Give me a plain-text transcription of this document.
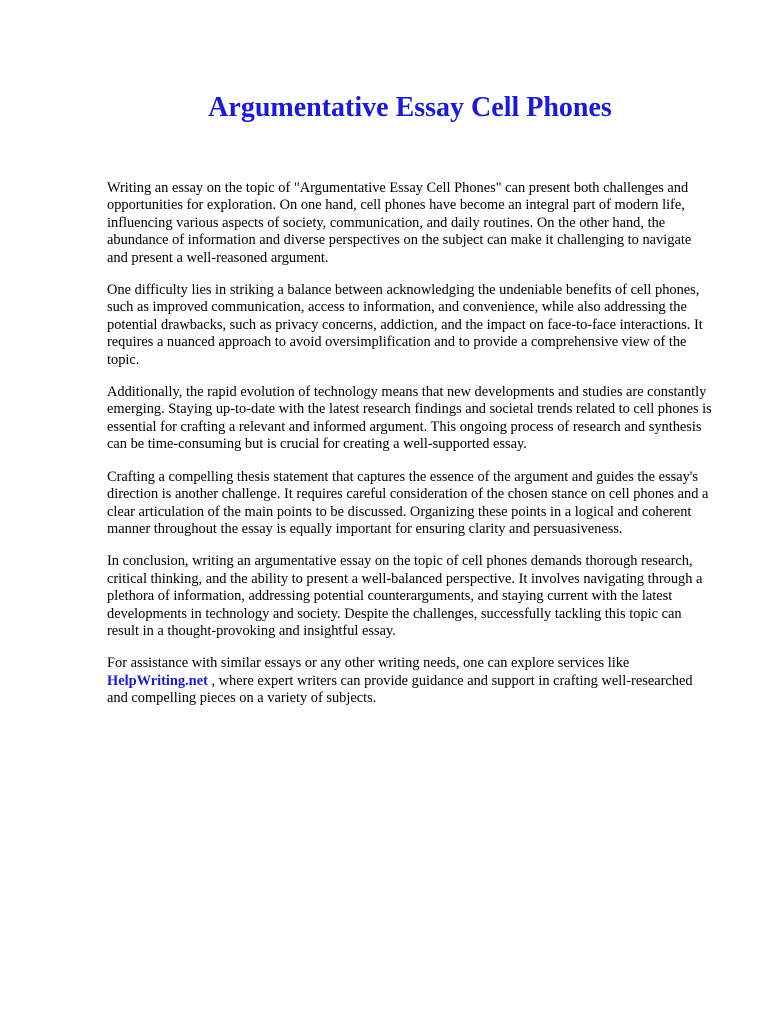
Argumentative Essay Cell Phones

Writing an essay on the topic of "Argumentative Essay Cell Phones" can present both challenges and opportunities for exploration. On one hand, cell phones have become an integral part of modern life, influencing various aspects of society, communication, and daily routines. On the other hand, the abundance of information and diverse perspectives on the subject can make it challenging to navigate and present a well-reasoned argument.

One difficulty lies in striking a balance between acknowledging the undeniable benefits of cell phones, such as improved communication, access to information, and convenience, while also addressing the potential drawbacks, such as privacy concerns, addiction, and the impact on face-to-face interactions. It requires a nuanced approach to avoid oversimplification and to provide a comprehensive view of the topic.

Additionally, the rapid evolution of technology means that new developments and studies are constantly emerging. Staying up-to-date with the latest research findings and societal trends related to cell phones is essential for crafting a relevant and informed argument. This ongoing process of research and synthesis can be time-consuming but is crucial for creating a well-supported essay.

Crafting a compelling thesis statement that captures the essence of the argument and guides the essay's direction is another challenge. It requires careful consideration of the chosen stance on cell phones and a clear articulation of the main points to be discussed. Organizing these points in a logical and coherent manner throughout the essay is equally important for ensuring clarity and persuasiveness.

In conclusion, writing an argumentative essay on the topic of cell phones demands thorough research, critical thinking, and the ability to present a well-balanced perspective. It involves navigating through a plethora of information, addressing potential counterarguments, and staying current with the latest developments in technology and society. Despite the challenges, successfully tackling this topic can result in a thought-provoking and insightful essay.

For assistance with similar essays or any other writing needs, one can explore services like
HelpWriting.net , where expert writers can provide guidance and support in crafting well-researched and compelling pieces on a variety of subjects.
